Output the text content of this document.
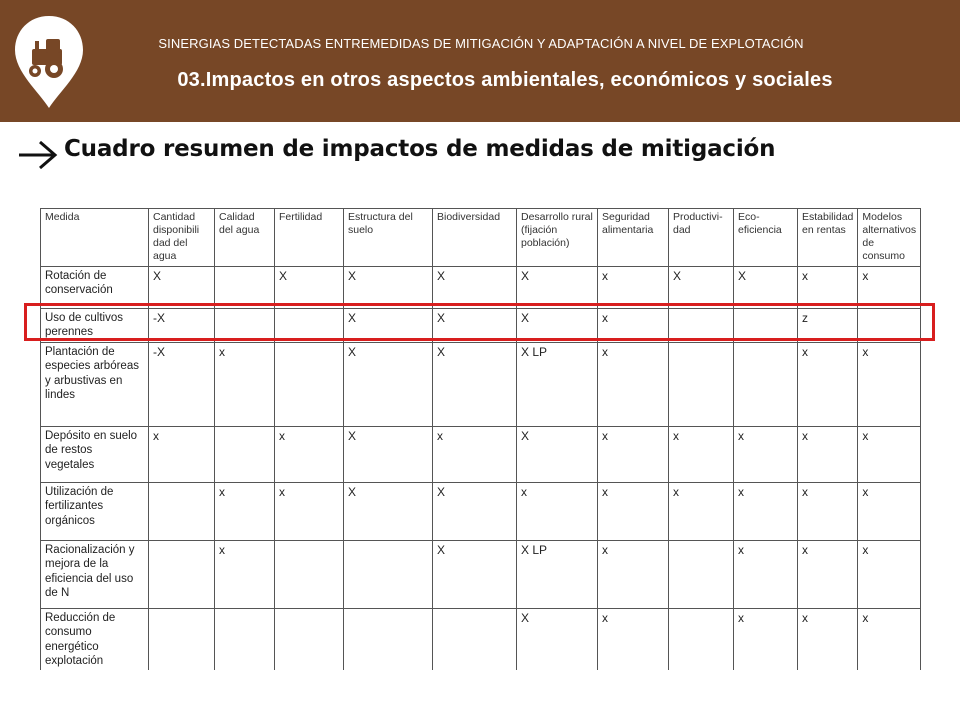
SINERGIAS DETECTADAS ENTREMEDIDAS DE MITIGACIÓN Y ADAPTACIÓN A NIVEL DE EXPLOTACIÓN
03.Impactos en otros aspectos ambientales, económicos y sociales
Cuadro resumen de impactos de medidas de mitigación
Medida	Cantidad disponibili dad del agua	Calidad del agua	Fertilidad	Estructura del suelo	Biodiversidad	Desarrollo rural (fijación población)	Seguridad alimentaria	Productivi- dad	Eco- eficiencia	Estabilidad en rentas	Modelos alternativos de consumo
Rotación de conservación	X		X	X	X	X	x	X	X	x	x
Uso de cultivos perennes	-X			X	X	X	x			z	
Plantación de especies arbóreas y arbustivas en lindes	-X	x		X	X	X LP	x			x	x
Depósito en suelo de restos vegetales	x		x	X	x	X	x	x	x	x	x
Utilización de fertilizantes orgánicos		x	x	X	X	x	x	x	x	x	x
Racionalización y mejora de la eficiencia del uso de N		x			X	X LP	x		x	x	x
Reducción de consumo energético explotación						X	x		x	x	x
